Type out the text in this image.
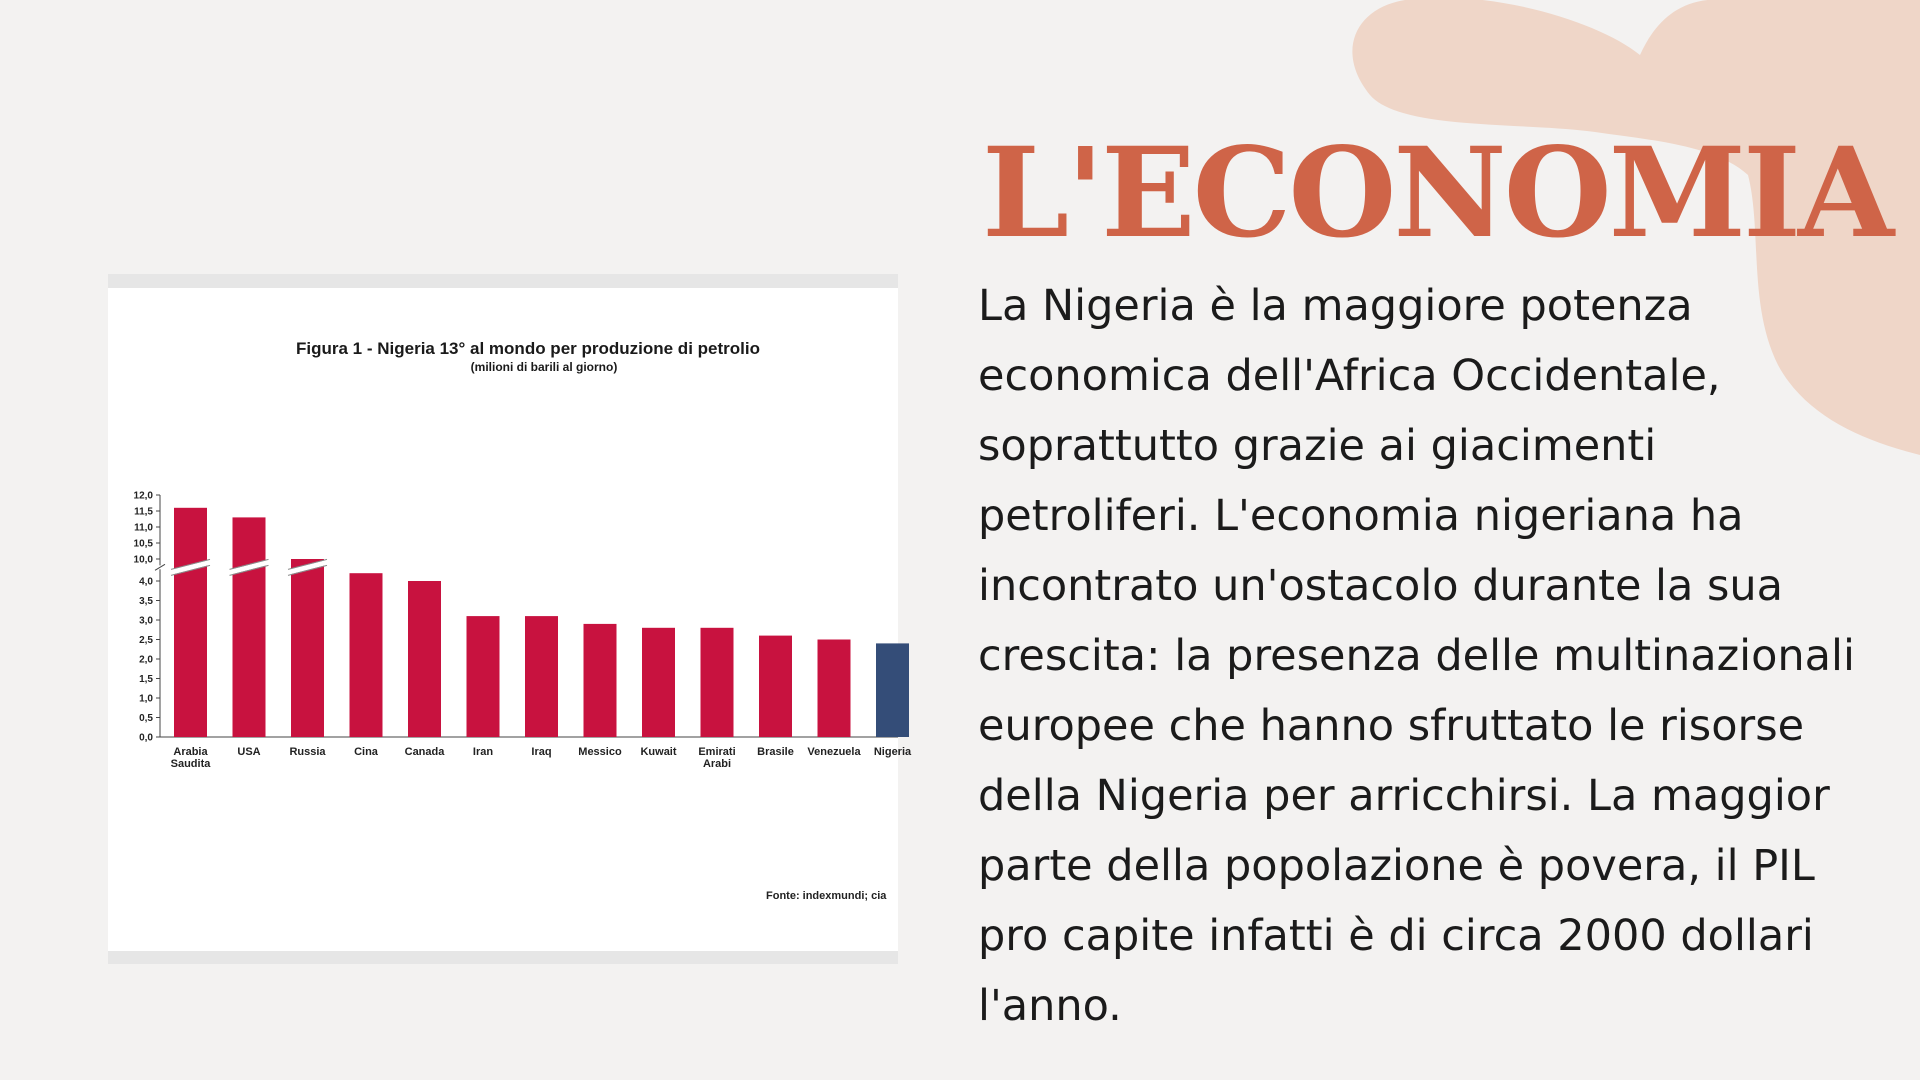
L'ECONOMIA

La Nigeria è la maggiore potenza economica dell'Africa Occidentale, soprattutto grazie ai giacimenti petroliferi. L'economia nigeriana ha incontrato un'ostacolo durante la sua crescita: la presenza delle multinazionali europee che hanno sfruttato le risorse della Nigeria per arricchirsi. La maggior parte della popolazione è povera, il PIL pro capite infatti è di circa 2000 dollari l'anno.

Figura 1 - Nigeria 13° al mondo per produzione di petrolio
(milioni di barili al giorno)
0,0
0,5
1,0
1,5
2,0
2,5
3,0
3,5
4,0
10,0
10,5
11,0
11,5
12,0
Arabia
Saudita
USA	Russia	Cina Canada	Iran	Iraq Messico Kuwait Emirati
Arabi
Brasile Venezuela Nigeria
Fonte: indexmundi; cia
